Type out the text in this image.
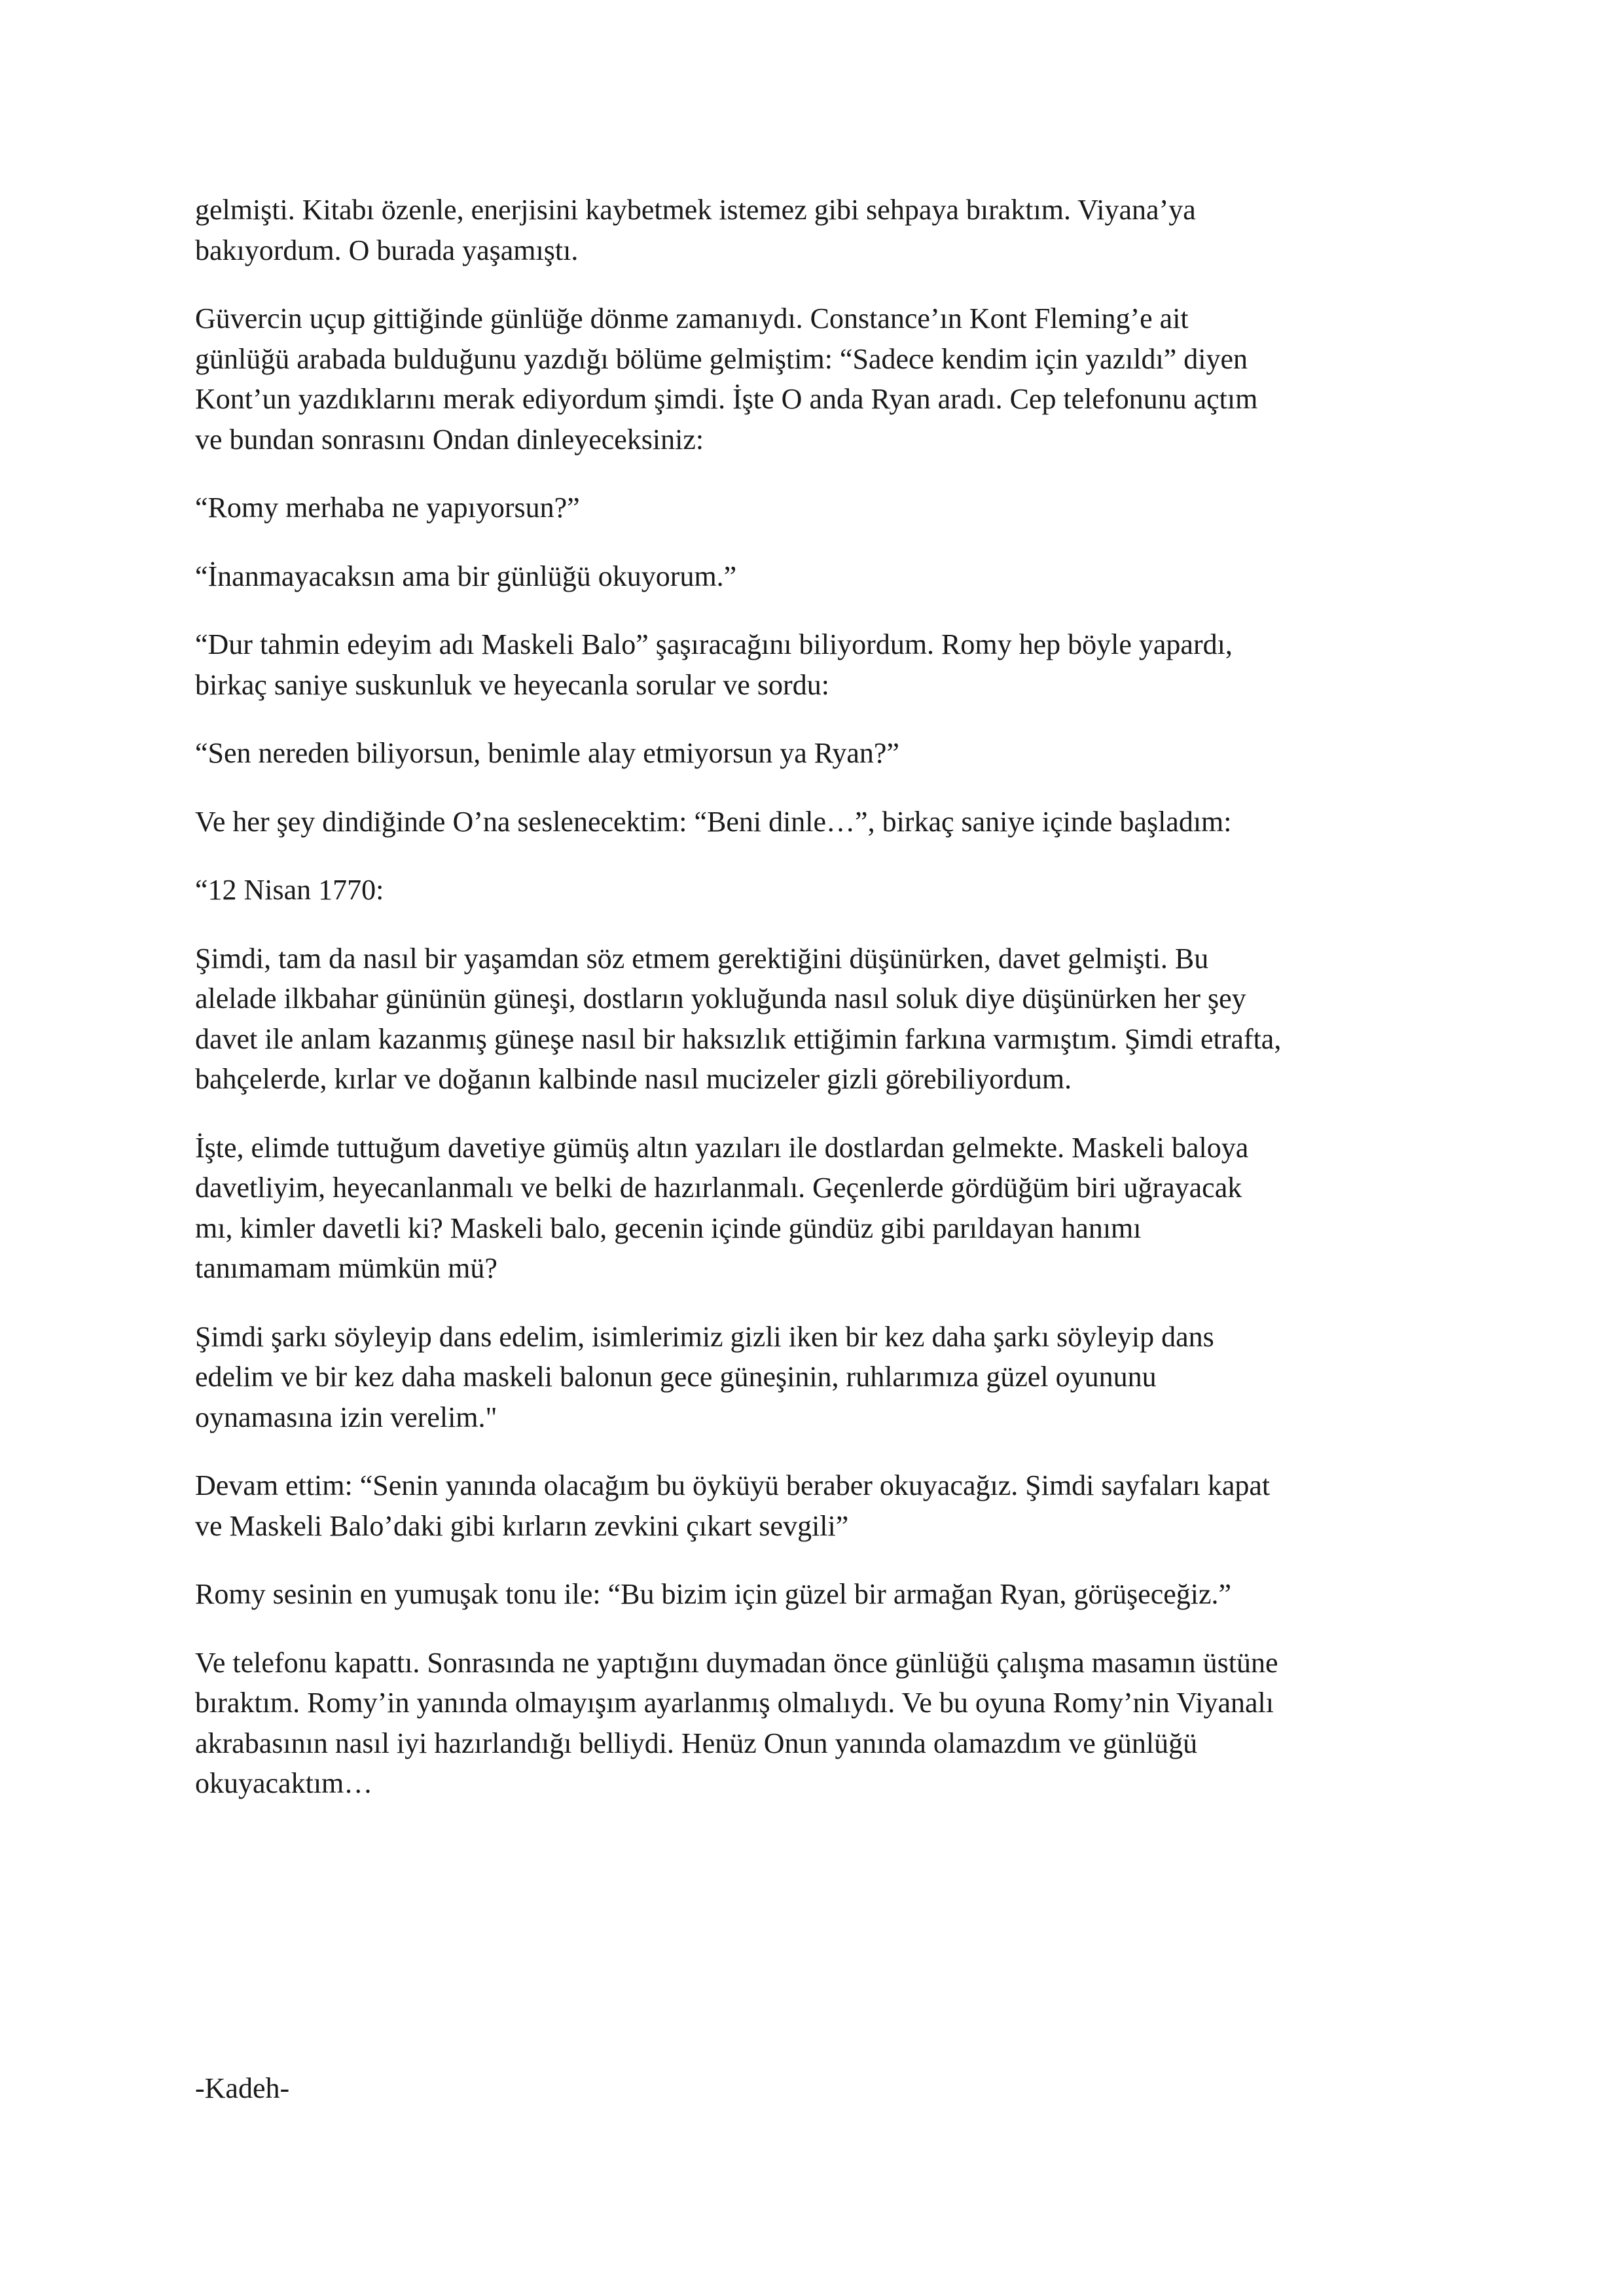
gelmişti. Kitabı özenle, enerjisini kaybetmek istemez gibi sehpaya bıraktım. Viyana’ya
bakıyordum. O burada yaşamıştı.

Güvercin uçup gittiğinde günlüğe dönme zamanıydı. Constance’ın Kont Fleming’e ait
günlüğü arabada bulduğunu yazdığı bölüme gelmiştim: “Sadece kendim için yazıldı” diyen
Kont’un yazdıklarını merak ediyordum şimdi. İşte O anda Ryan aradı. Cep telefonunu açtım
ve bundan sonrasını Ondan dinleyeceksiniz:

“Romy merhaba ne yapıyorsun?”

“İnanmayacaksın ama bir günlüğü okuyorum.”

“Dur tahmin edeyim adı Maskeli Balo” şaşıracağını biliyordum. Romy hep böyle yapardı,
birkaç saniye suskunluk ve heyecanla sorular ve sordu:

“Sen nereden biliyorsun, benimle alay etmiyorsun ya Ryan?”

Ve her şey dindiğinde O’na seslenecektim: “Beni dinle…”, birkaç saniye içinde başladım:

“12 Nisan 1770:

Şimdi, tam da nasıl bir yaşamdan söz etmem gerektiğini düşünürken, davet gelmişti. Bu
alelade ilkbahar gününün güneşi, dostların yokluğunda nasıl soluk diye düşünürken her şey
davet ile anlam kazanmış güneşe nasıl bir haksızlık ettiğimin farkına varmıştım. Şimdi etrafta,
bahçelerde, kırlar ve doğanın kalbinde nasıl mucizeler gizli görebiliyordum.

İşte, elimde tuttuğum davetiye gümüş altın yazıları ile dostlardan gelmekte. Maskeli baloya
davetliyim, heyecanlanmalı ve belki de hazırlanmalı. Geçenlerde gördüğüm biri uğrayacak
mı, kimler davetli ki? Maskeli balo, gecenin içinde gündüz gibi parıldayan hanımı
tanımamam mümkün mü?

Şimdi şarkı söyleyip dans edelim, isimlerimiz gizli iken bir kez daha şarkı söyleyip dans
edelim ve bir kez daha maskeli balonun gece güneşinin, ruhlarımıza güzel oyununu
oynamasına izin verelim."

Devam ettim: “Senin yanında olacağım bu öyküyü beraber okuyacağız. Şimdi sayfaları kapat
ve Maskeli Balo’daki gibi kırların zevkini çıkart sevgili”

Romy sesinin en yumuşak tonu ile: “Bu bizim için güzel bir armağan Ryan, görüşeceğiz.”

Ve telefonu kapattı. Sonrasında ne yaptığını duymadan önce günlüğü çalışma masamın üstüne
bıraktım. Romy’in yanında olmayışım ayarlanmış olmalıydı. Ve bu oyuna Romy’nin Viyanalı
akrabasının nasıl iyi hazırlandığı belliydi. Henüz Onun yanında olamazdım ve günlüğü
okuyacaktım…

-Kadeh-
